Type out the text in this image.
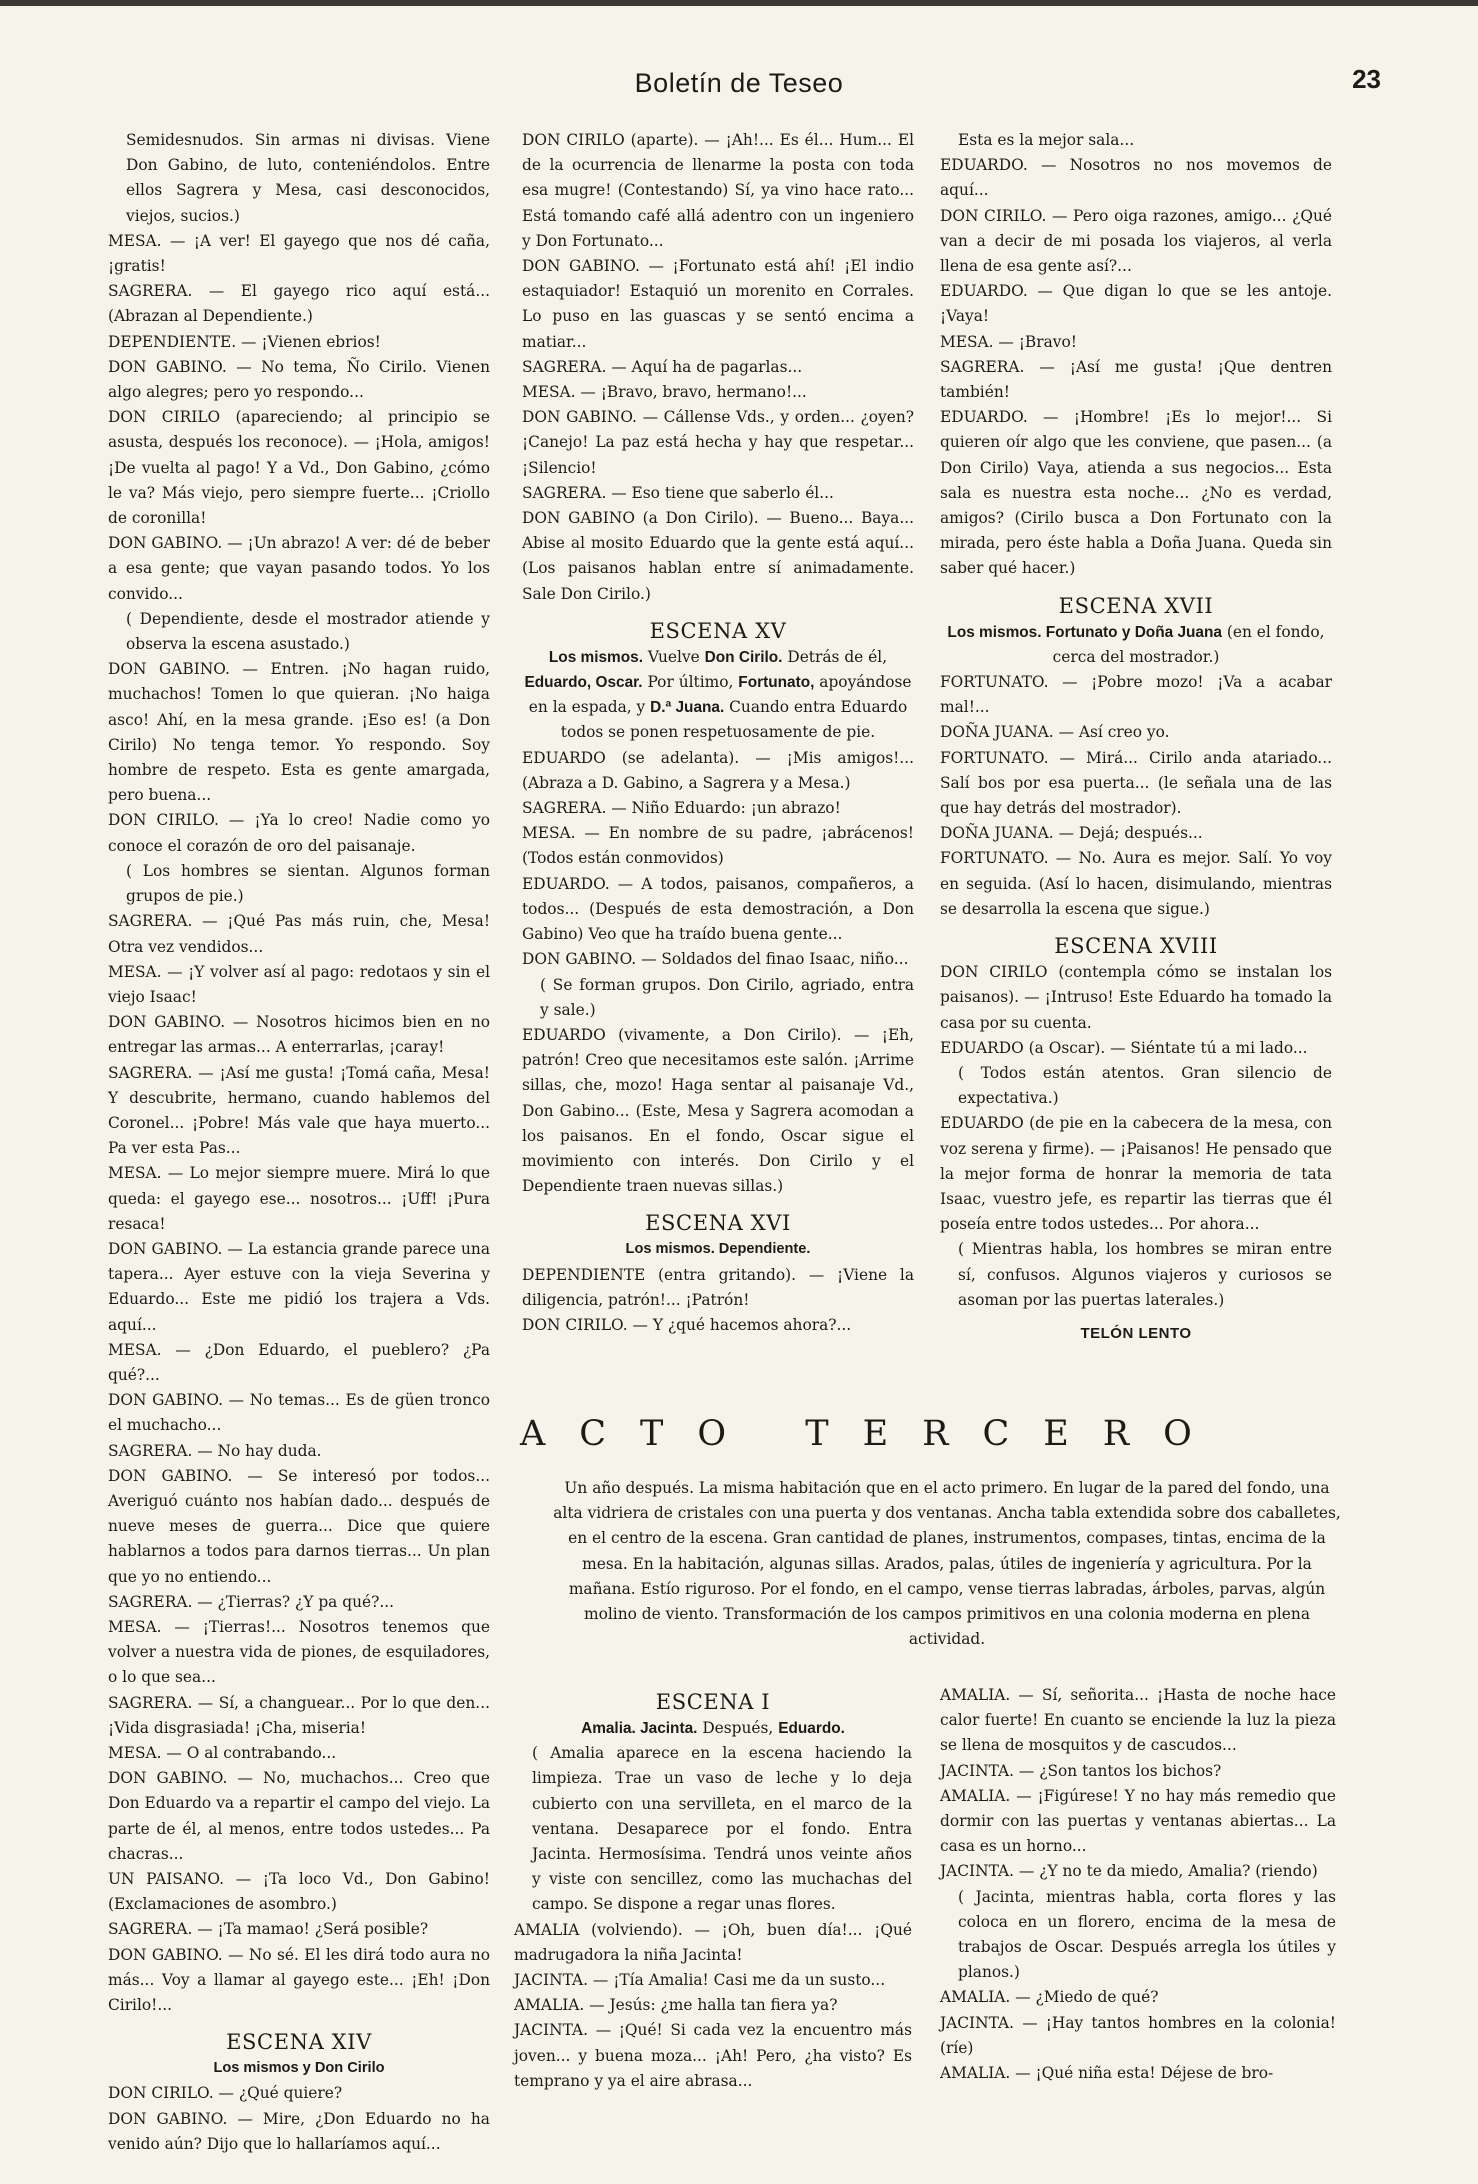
Boletín de Teseo	23

Semidesnudos. Sin armas ni divisas. Viene Don Gabino, de luto, conteniéndolos. Entre ellos Sagrera y Mesa, casi desconocidos, viejos, sucios.)

MESA. — ¡A ver! El gayego que nos dé caña, ¡gratis!

SAGRERA. — El gayego rico aquí está... (Abrazan al Dependiente.)

DEPENDIENTE. — ¡Vienen ebrios!

DON GABINO. — No tema, Ño Cirilo. Vienen algo alegres; pero yo respondo...

DON CIRILO (apareciendo; al principio se asusta, después los reconoce). — ¡Hola, amigos! ¡De vuelta al pago! Y a Vd., Don Gabino, ¿cómo le va? Más viejo, pero siempre fuerte... ¡Criollo de coronilla!

DON GABINO. — ¡Un abrazo! A ver: dé de beber a esa gente; que vayan pasando todos. Yo los convido...

( Dependiente, desde el mostrador atiende y observa la escena asustado.)

DON GABINO. — Entren. ¡No hagan ruido, muchachos! Tomen lo que quieran. ¡No haiga asco! Ahí, en la mesa grande. ¡Eso es! (a Don Cirilo) No tenga temor. Yo respondo. Soy hombre de respeto. Esta es gente amargada, pero buena...

DON CIRILO. — ¡Ya lo creo! Nadie como yo conoce el corazón de oro del paisanaje.

( Los hombres se sientan. Algunos forman grupos de pie.)

SAGRERA. — ¡Qué Pas más ruin, che, Mesa! Otra vez vendidos...

MESA. — ¡Y volver así al pago: redotaos y sin el viejo Isaac!

DON GABINO. — Nosotros hicimos bien en no entregar las armas... A enterrarlas, ¡caray!

SAGRERA. — ¡Así me gusta! ¡Tomá caña, Mesa! Y descubrite, hermano, cuando hablemos del Coronel... ¡Pobre! Más vale que haya muerto... Pa ver esta Pas...

MESA. — Lo mejor siempre muere. Mirá lo que queda: el gayego ese... nosotros... ¡Uff! ¡Pura resaca!

DON GABINO. — La estancia grande parece una tapera... Ayer estuve con la vieja Severina y Eduardo... Este me pidió los trajera a Vds. aquí...

MESA. — ¿Don Eduardo, el pueblero? ¿Pa qué?...

DON GABINO. — No temas... Es de güen tronco el muchacho...

SAGRERA. — No hay duda.

DON GABINO. — Se interesó por todos... Averiguó cuánto nos habían dado... después de nueve meses de guerra... Dice que quiere hablarnos a todos para darnos tierras... Un plan que yo no entiendo...

SAGRERA. — ¿Tierras? ¿Y pa qué?...

MESA. — ¡Tierras!... Nosotros tenemos que volver a nuestra vida de piones, de esquiladores, o lo que sea...

SAGRERA. — Sí, a changuear... Por lo que den... ¡Vida disgrasiada! ¡Cha, miseria!

MESA. — O al contrabando...

DON GABINO. — No, muchachos... Creo que Don Eduardo va a repartir el campo del viejo. La parte de él, al menos, entre todos ustedes... Pa chacras...

UN PAISANO. — ¡Ta loco Vd., Don Gabino! (Exclamaciones de asombro.)

SAGRERA. — ¡Ta mamao! ¿Será posible?

DON GABINO. — No sé. El les dirá todo aura no más... Voy a llamar al gayego este... ¡Eh! ¡Don Cirilo!...

ESCENA XIV

Los mismos y Don Cirilo

DON CIRILO. — ¿Qué quiere?

DON GABINO. — Mire, ¿Don Eduardo no ha venido aún? Dijo que lo hallaríamos aquí...

DON CIRILO (aparte). — ¡Ah!... Es él... Hum... El de la ocurrencia de llenarme la posta con toda esa mugre! (Contestando) Sí, ya vino hace rato... Está tomando café allá adentro con un ingeniero y Don Fortunato...

DON GABINO. — ¡Fortunato está ahí! ¡El indio estaquiador! Estaquió un morenito en Corrales. Lo puso en las guascas y se sentó encima a matiar...

SAGRERA. — Aquí ha de pagarlas...

MESA. — ¡Bravo, bravo, hermano!...

DON GABINO. — Cállense Vds., y orden... ¿oyen? ¡Canejo! La paz está hecha y hay que respetar... ¡Silencio!

SAGRERA. — Eso tiene que saberlo él...

DON GABINO (a Don Cirilo). — Bueno... Baya... Abise al mosito Eduardo que la gente está aquí... (Los paisanos hablan entre sí animadamente. Sale Don Cirilo.)

ESCENA XV

Los mismos. Vuelve Don Cirilo. Detrás de él, Eduardo, Oscar. Por último, Fortunato, apoyándose en la espada, y D.ª Juana. Cuando entra Eduardo todos se ponen respetuosamente de pie.

EDUARDO (se adelanta). — ¡Mis amigos!... (Abraza a D. Gabino, a Sagrera y a Mesa.)

SAGRERA. — Niño Eduardo: ¡un abrazo!

MESA. — En nombre de su padre, ¡abrácenos! (Todos están conmovidos)

EDUARDO. — A todos, paisanos, compañeros, a todos... (Después de esta demostración, a Don Gabino) Veo que ha traído buena gente...

DON GABINO. — Soldados del finao Isaac, niño...

( Se forman grupos. Don Cirilo, agriado, entra y sale.)

EDUARDO (vivamente, a Don Cirilo). — ¡Eh, patrón! Creo que necesitamos este salón. ¡Arrime sillas, che, mozo! Haga sentar al paisanaje Vd., Don Gabino... (Este, Mesa y Sagrera acomodan a los paisanos. En el fondo, Oscar sigue el movimiento con interés. Don Cirilo y el Dependiente traen nuevas sillas.)

ESCENA XVI

Los mismos. Dependiente.

DEPENDIENTE (entra gritando). — ¡Viene la diligencia, patrón!... ¡Patrón!

DON CIRILO. — Y ¿qué hacemos ahora?...

Esta es la mejor sala...

EDUARDO. — Nosotros no nos movemos de aquí...

DON CIRILO. — Pero oiga razones, amigo... ¿Qué van a decir de mi posada los viajeros, al verla llena de esa gente así?...

EDUARDO. — Que digan lo que se les antoje. ¡Vaya!

MESA. — ¡Bravo!

SAGRERA. — ¡Así me gusta! ¡Que dentren también!

EDUARDO. — ¡Hombre! ¡Es lo mejor!... Si quieren oír algo que les conviene, que pasen... (a Don Cirilo) Vaya, atienda a sus negocios... Esta sala es nuestra esta noche... ¿No es verdad, amigos? (Cirilo busca a Don Fortunato con la mirada, pero éste habla a Doña Juana. Queda sin saber qué hacer.)

ESCENA XVII

Los mismos. Fortunato y Doña Juana (en el fondo, cerca del mostrador.)

FORTUNATO. — ¡Pobre mozo! ¡Va a acabar mal!...

DOÑA JUANA. — Así creo yo.

FORTUNATO. — Mirá... Cirilo anda atariado... Salí bos por esa puerta... (le señala una de las que hay detrás del mostrador).

DOÑA JUANA. — Dejá; después...

FORTUNATO. — No. Aura es mejor. Salí. Yo voy en seguida. (Así lo hacen, disimulando, mientras se desarrolla la escena que sigue.)

ESCENA XVIII

DON CIRILO (contempla cómo se instalan los paisanos). — ¡Intruso! Este Eduardo ha tomado la casa por su cuenta.

EDUARDO (a Oscar). — Siéntate tú a mi lado...

( Todos están atentos. Gran silencio de expectativa.)

EDUARDO (de pie en la cabecera de la mesa, con voz serena y firme). — ¡Paisanos! He pensado que la mejor forma de honrar la memoria de tata Isaac, vuestro jefe, es repartir las tierras que él poseía entre todos ustedes... Por ahora...

( Mientras habla, los hombres se miran entre sí, confusos. Algunos viajeros y curiosos se asoman por las puertas laterales.)

TELÓN LENTO
ACTO TERCERO
Un año después. La misma habitación que en el acto primero. En lugar de la pared del fondo, una alta vidriera de cristales con una puerta y dos ventanas. Ancha tabla extendida sobre dos caballetes, en el centro de la escena. Gran cantidad de planes, instrumentos, compases, tintas, encima de la mesa. En la habitación, algunas sillas. Arados, palas, útiles de ingeniería y agricultura. Por la mañana. Estío riguroso. Por el fondo, en el campo, vense tierras labradas, árboles, parvas, algún molino de viento. Transformación de los campos primitivos en una colonia moderna en plena actividad.

ESCENA I

Amalia. Jacinta. Después, Eduardo.

( Amalia aparece en la escena haciendo la limpieza. Trae un vaso de leche y lo deja cubierto con una servilleta, en el marco de la ventana. Desaparece por el fondo. Entra Jacinta. Hermosísima. Tendrá unos veinte años y viste con sencillez, como las muchachas del campo. Se dispone a regar unas flores.

AMALIA (volviendo). — ¡Oh, buen día!... ¡Qué madrugadora la niña Jacinta!

JACINTA. — ¡Tía Amalia! Casi me da un susto...

AMALIA. — Jesús: ¿me halla tan fiera ya?

JACINTA. — ¡Qué! Si cada vez la encuentro más joven... y buena moza... ¡Ah! Pero, ¿ha visto? Es temprano y ya el aire abrasa...

AMALIA. — Sí, señorita... ¡Hasta de noche hace calor fuerte! En cuanto se enciende la luz la pieza se llena de mosquitos y de cascudos...

JACINTA. — ¿Son tantos los bichos?

AMALIA. — ¡Figúrese! Y no hay más remedio que dormir con las puertas y ventanas abiertas... La casa es un horno...

JACINTA. — ¿Y no te da miedo, Amalia? (riendo)

( Jacinta, mientras habla, corta flores y las coloca en un florero, encima de la mesa de trabajos de Oscar. Después arregla los útiles y planos.)

AMALIA. — ¿Miedo de qué?

JACINTA. — ¡Hay tantos hombres en la colonia! (ríe)

AMALIA. — ¡Qué niña esta! Déjese de bro-
